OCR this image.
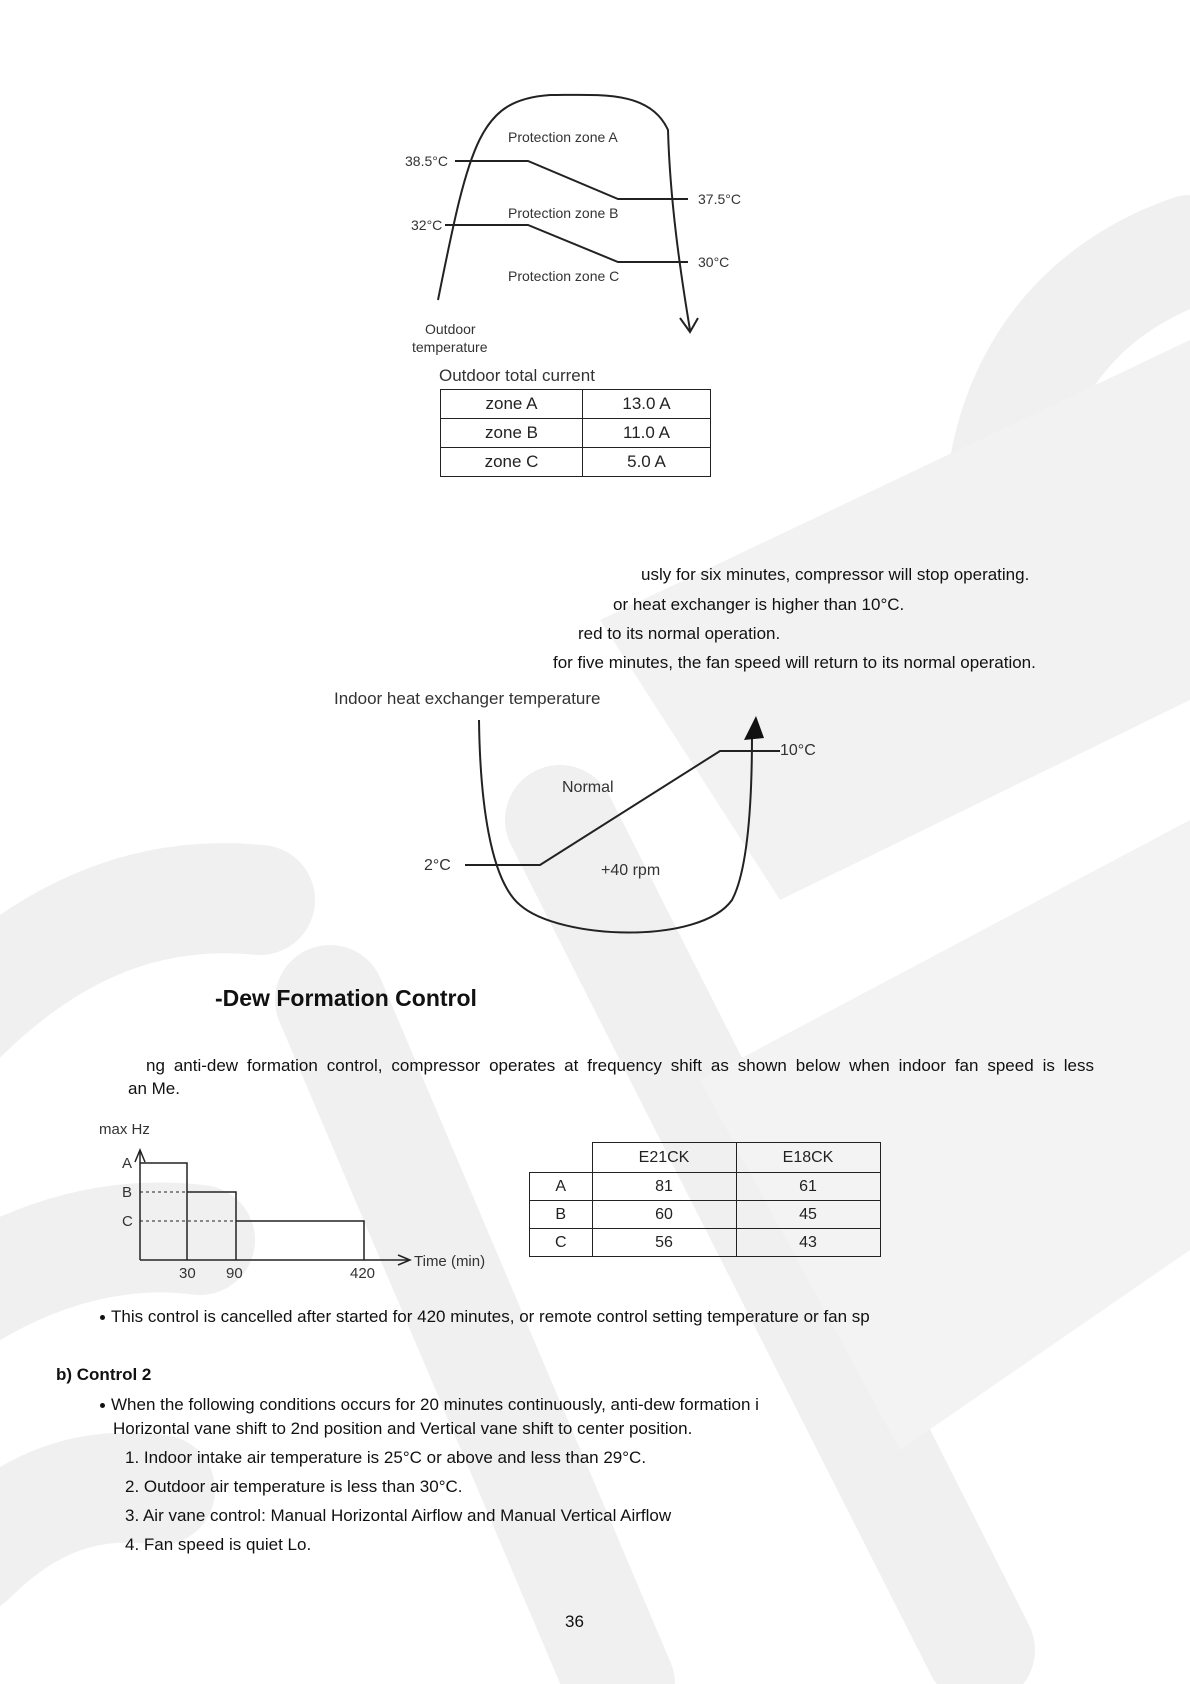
Protection zone A
Protection zone B
Protection zone C
38.5°C
32°C
37.5°C
30°C
Outdoor
temperature
Outdoor total current
zone A	13.0 A
zone B	11.0 A
zone C	5.0 A
usly for six minutes, compressor will stop operating.
or heat exchanger is higher than 10°C.
red to its normal operation.
for five minutes, the fan speed will return to its normal operation.
Indoor heat exchanger temperature
Normal
+40 rpm
10°C
2°C
-Dew Formation Control
ng anti-dew formation control, compressor operates at frequency shift as shown below when indoor fan speed is less
an Me.
max Hz
A
B
C
30 90	420
Time (min)
	E21CK	E18CK
A	81	61
B	60	45
C	56	43
This control is cancelled after started for 420 minutes, or remote control setting temperature or fan sp
b) Control 2
When the following conditions occurs for 20 minutes continuously, anti-dew formation i
Horizontal vane shift to 2nd position and Vertical vane shift to center position.
1. Indoor intake air temperature is 25°C or above and less than 29°C.
2. Outdoor air temperature is less than 30°C.
3. Air vane control: Manual Horizontal Airflow and Manual Vertical Airflow
4. Fan speed is quiet Lo.
36
